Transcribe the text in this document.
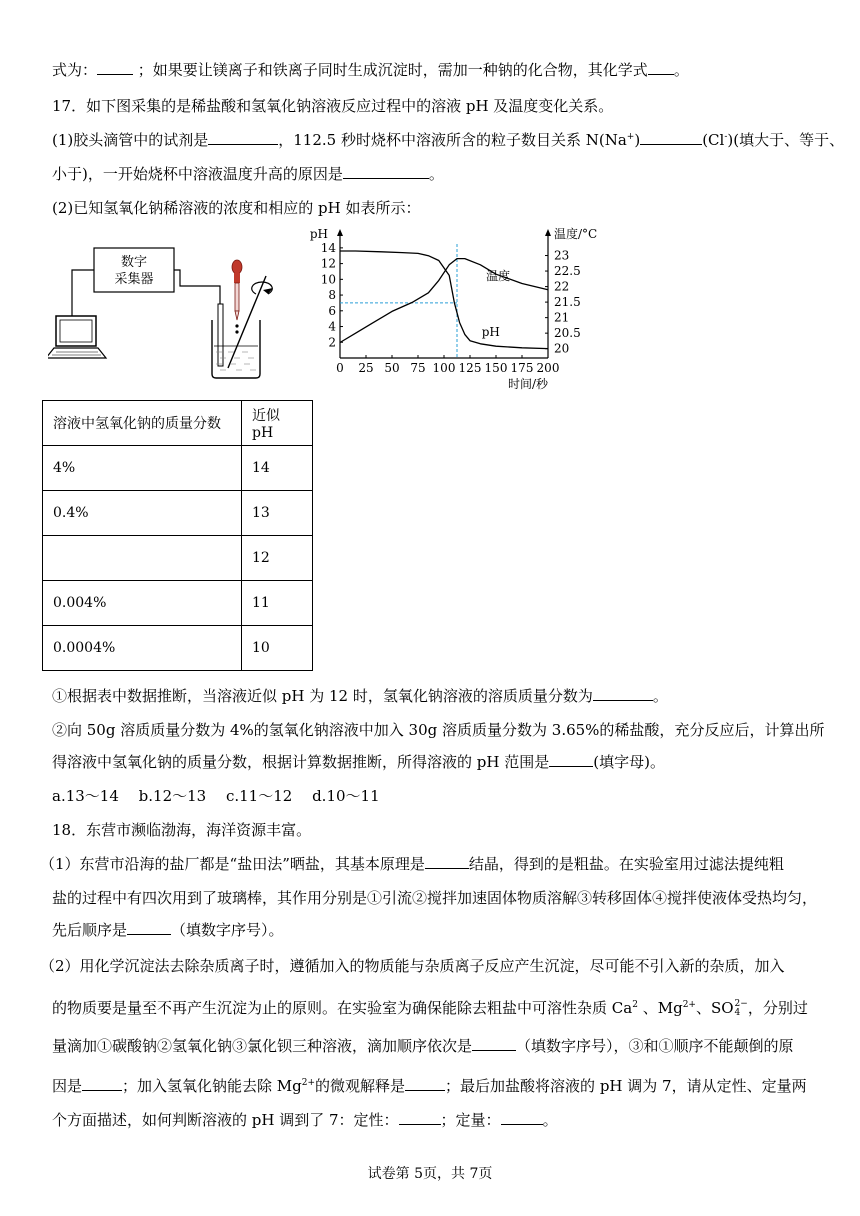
式为：	；如果要让镁离子和铁离子同时生成沉淀时，需加一种钠的化合物，其化学式 。
17．如下图采集的是稀盐酸和氢氧化钠溶液反应过程中的溶液 pH 及温度变化关系。
(1)胶头滴管中的试剂是	，112.5 秒时烧杯中溶液所含的粒子数目关系 N(Na+)	(Cl-)(填大于、等于、
小于)，一开始烧杯中溶液温度升高的原因是	。
(2)已知氢氧化钠稀溶液的浓度和相应的 pH 如表所示：
数字
采集器
0 25 50 75 100 125 150 175 200
时间/秒
2
4
6
8
10
12
14
pH
20
20.5
21
21.5
22
22.5
23
温度/°C
温度
pH
溶液中氢氧化钠的质量分数	近似 pH
4%	14
0.4%	13
	12
0.004%	11
0.0004%	10
①根据表中数据推断，当溶液近似 pH 为 12 时，氢氧化钠溶液的溶质质量分数为	。
②向 50g 溶质质量分数为 4%的氢氧化钠溶液中加入 30g 溶质质量分数为 3.65%的稀盐酸，充分反应后，计算出所
得溶液中氢氧化钠的质量分数，根据计算数据推断，所得溶液的 pH 范围是	(填字母)。
a.13～14　 b.12～13　 c.11～12　 d.10～11
18．东营市濒临渤海，海洋资源丰富。
（1）东营市沿海的盐厂都是“盐田法”晒盐，其基本原理是	结晶，得到的是粗盐。在实验室用过滤法提纯粗
盐的过程中有四次用到了玻璃棒，其作用分别是①引流②搅拌加速固体物质溶解③转移固体④搅拌使液体受热均匀，
先后顺序是	（填数字序号）。
（2）用化学沉淀法去除杂质离子时，遵循加入的物质能与杂质离子反应产生沉淀，尽可能不引入新的杂质，加入
的物质要是量至不再产生沉淀为止的原则。在实验室为确保能除去粗盐中可溶性杂质 Ca$^2$ 、$Mg^{2+}$、SO2−
4 ，分别过
量滴加①碳酸钠②氢氧化钠③氯化钡三种溶液，滴加顺序依次是	（填数字序号），③和①顺序不能颠倒的原
因是	；加入氢氧化钠能去除 $Mg^{2+}$的微观解释是	；最后加盐酸将溶液的 pH 调为 7，请从定性、定量两
个方面描述，如何判断溶液的 pH 调到了 7：定性：	；定量：	。
试卷第 5页，共 7页
